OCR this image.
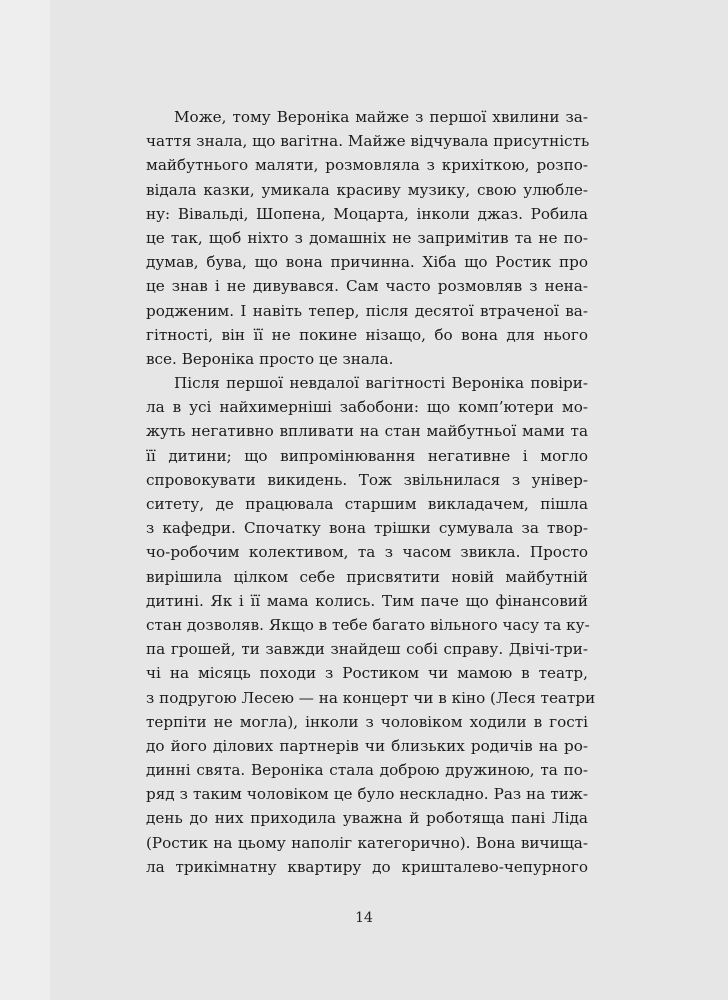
Може, тому Вероніка майже з першої хвилини за-
чаття знала, що вагітна. Майже відчувала присутність
майбутнього маляти, розмовляла з крихіткою, розпо-
відала казки, умикала красиву музику, свою улюблe-
ну: Вівальді, Шопена, Моцарта, інколи джаз. Робила
це так, щоб ніхто з домашніх не запримітив та не по-
думав, бува, що вона причинна. Хіба що Ростик про
це знав і не дивувався. Сам часто розмовляв з нена-
родженим. І навіть тепер, після десятої втраченої ва-
гітності, він її не покине нізащо, бо вона для нього
все. Вероніка просто це знала.
Після першої невдалої вагітності Вероніка повіри-
ла в усі найхимерніші забобони: що комп’ютери мо-
жуть негативно впливати на стан майбутньої мами та
її дитини; що випромінювання негативне і могло
спровокувати викидень. Тож звільнилася з універ-
ситету, де працювала старшим викладачем, пішла
з кафедри. Спочатку вона трішки сумувала за твор-
чо-робочим колективом, та з часом звикла. Просто
вирішила цілком себе присвятити новій майбутній
дитині. Як і її мама колись. Тим паче що фінансовий
стан дозволяв. Якщо в тебе багато вільного часу та ку-
па грошей, ти завжди знайдеш собі справу. Двічі-три-
чі на місяць походи з Ростиком чи мамою в театр,
з подругою Лесею — на концерт чи в кіно (Леся театри
терпіти не могла), інколи з чоловіком ходили в гості
до його ділових партнерів чи близьких родичів на ро-
динні свята. Вероніка стала доброю дружиною, та по-
ряд з таким чоловіком це було нескладно. Раз на тиж-
день до них приходила уважна й роботяща пані Ліда
(Ростик на цьому наполіг категорично). Вона вичища-
ла трикімнатну квартиру до кришталево-чепурного
14
